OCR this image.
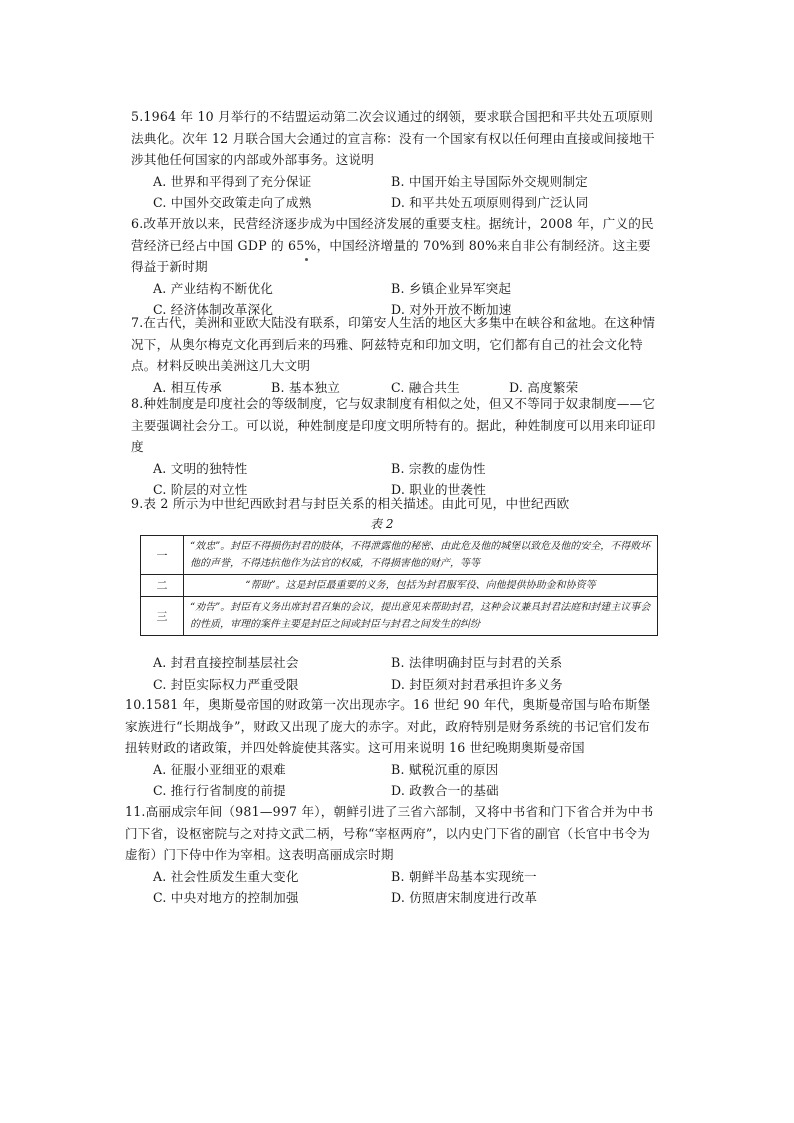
5.1964 年 10 月举行的不结盟运动第二次会议通过的纲领，要求联合国把和平共处五项原则法典化。次年 12 月联合国大会通过的宣言称：没有一个国家有权以任何理由直接或间接地干涉其他任何国家的内部或外部事务。这说明

A. 世界和平得到了充分保证	B. 中国开始主导国际外交规则制定
C. 中国外交政策走向了成熟	D. 和平共处五项原则得到广泛认同

6.改革开放以来，民营经济逐步成为中国经济发展的重要支柱。据统计，2008 年，广义的民营经济已经占中国 GDP 的 65%，中国经济增量的 70%到 80%来自非公有制经济。这主要得益于新时期

A. 产业结构不断优化	B. 乡镇企业异军突起
C. 经济体制改革深化	D. 对外开放不断加速

7.在古代，美洲和亚欧大陆没有联系，印第安人生活的地区大多集中在峡谷和盆地。在这种情况下，从奥尔梅克文化再到后来的玛雅、阿兹特克和印加文明，它们都有自己的社会文化特点。材料反映出美洲这几大文明

A. 相互传承	B. 基本独立	C. 融合共生	D. 高度繁荣

8.种姓制度是印度社会的等级制度，它与奴隶制度有相似之处，但又不等同于奴隶制度——它主要强调社会分工。可以说，种姓制度是印度文明所特有的。据此，种姓制度可以用来印证印度

A. 文明的独特性	B. 宗教的虚伪性
C. 阶层的对立性	D. 职业的世袭性

9.表 2 所示为中世纪西欧封君与封臣关系的相关描述。由此可见，中世纪西欧

表 2
一	“效忠”。封臣不得损伤封君的肢体，不得泄露他的秘密、由此危及他的城堡以致危及他的安全，不得败坏他的声誉，不得违抗他作为法官的权威，不得损害他的财产，等等
二	“帮助”。这是封臣最重要的义务，包括为封君服军役、向他提供协助金和协资等
三	“劝告”。封臣有义务出席封君召集的会议，提出意见来帮助封君，这种会议兼具封君法庭和封建主议事会的性质，审理的案件主要是封臣之间或封臣与封君之间发生的纠纷
A. 封君直接控制基层社会	B. 法律明确封臣与封君的关系
C. 封臣实际权力严重受限	D. 封臣须对封君承担许多义务

10.1581 年，奥斯曼帝国的财政第一次出现赤字。16 世纪 90 年代，奥斯曼帝国与哈布斯堡家族进行“长期战争”，财政又出现了庞大的赤字。对此，政府特别是财务系统的书记官们发布扭转财政的诸政策，并四处斡旋使其落实。这可用来说明 16 世纪晚期奥斯曼帝国

A. 征服小亚细亚的艰难	B. 赋税沉重的原因
C. 推行行省制度的前提	D. 政教合一的基础

11.高丽成宗年间（981—997 年），朝鲜引进了三省六部制，又将中书省和门下省合并为中书门下省，设枢密院与之对持文武二柄，号称“宰枢两府”，以内史门下省的副官（长官中书令为虚衔）门下侍中作为宰相。这表明高丽成宗时期

A. 社会性质发生重大变化	B. 朝鲜半岛基本实现统一
C. 中央对地方的控制加强	D. 仿照唐宋制度进行改革
